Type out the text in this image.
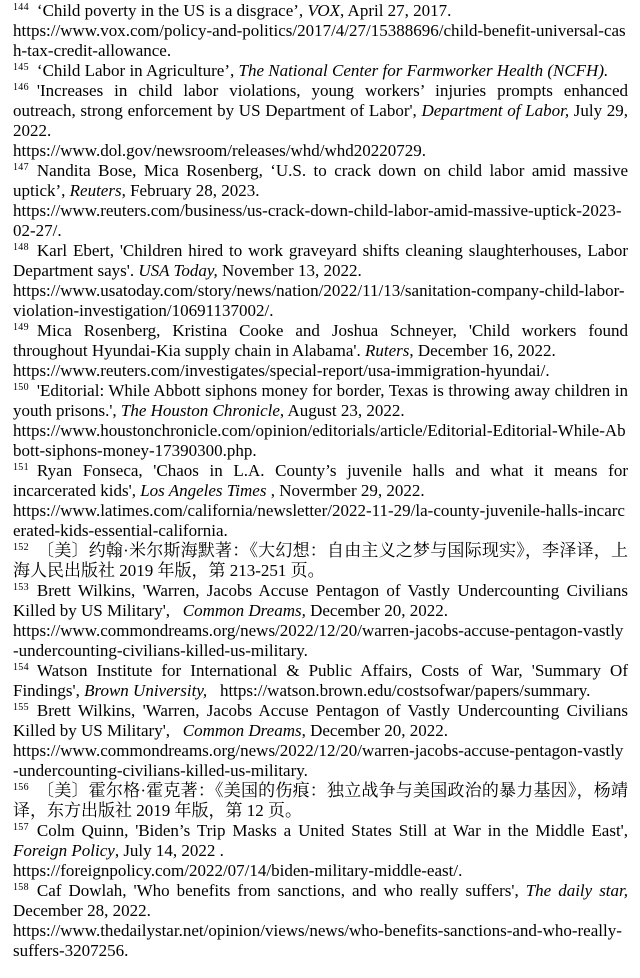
$^{144}$ ‘Child poverty in the US is a disgrace’, VOX, April 27, 2017.
https://www.vox.com/policy-and-politics/2017/4/27/15388696/child-benefit-universal-cash-tax-credit-allowance.
$^{145}$ ‘Child Labor in Agriculture’, The National Center for Farmworker Health (NCFH).
$^{146}$ 'Increases in child labor violations, young workers’ injuries prompts enhanced outreach, strong enforcement by US Department of Labor', Department of Labor, July 29, 2022.
https://www.dol.gov/newsroom/releases/whd/whd20220729.
$^{147}$ Nandita Bose, Mica Rosenberg, ‘U.S. to crack down on child labor amid massive uptick’, Reuters, February 28, 2023.
https://www.reuters.com/business/us-crack-down-child-labor-amid-massive-uptick-2023-02-27/.
$^{148}$ Karl Ebert, 'Children hired to work graveyard shifts cleaning slaughterhouses, Labor Department says'. USA Today, November 13, 2022.
https://www.usatoday.com/story/news/nation/2022/11/13/sanitation-company-child-labor-violation-investigation/10691137002/.
$^{149}$ Mica Rosenberg, Kristina Cooke and Joshua Schneyer, 'Child workers found throughout Hyundai-Kia supply chain in Alabama'. Ruters, December 16, 2022.
https://www.reuters.com/investigates/special-report/usa-immigration-hyundai/.
$^{150}$ 'Editorial: While Abbott siphons money for border, Texas is throwing away children in youth prisons.', The Houston Chronicle, August 23, 2022.
https://www.houstonchronicle.com/opinion/editorials/article/Editorial-Editorial-While-Abbott-siphons-money-17390300.php.
$^{151}$ Ryan Fonseca, 'Chaos in L.A. County’s juvenile halls and what it means for incarcerated kids', Los Angeles Times , Novermber 29, 2022.
https://www.latimes.com/california/newsletter/2022-11-29/la-county-juvenile-halls-incarcerated-kids-essential-california.
$^{152}$ 〔美〕约翰·米尔斯海默著：《大幻想：自由主义之梦与国际现实》，李泽译，上海人民出版社 2019 年版，第 213-251 页。
$^{153}$ Brett Wilkins, 'Warren, Jacobs Accuse Pentagon of Vastly Undercounting Civilians Killed by US Military',   Common Dreams, December 20, 2022.
https://www.commondreams.org/news/2022/12/20/warren-jacobs-accuse-pentagon-vastly-undercounting-civilians-killed-us-military.
$^{154}$ Watson Institute for International & Public Affairs, Costs of War, 'Summary Of Findings', Brown University, https://watson.brown.edu/costsofwar/papers/summary.
$^{155}$ Brett Wilkins, 'Warren, Jacobs Accuse Pentagon of Vastly Undercounting Civilians Killed by US Military',   Common Dreams, December 20, 2022.
https://www.commondreams.org/news/2022/12/20/warren-jacobs-accuse-pentagon-vastly-undercounting-civilians-killed-us-military.
$^{156}$ 〔美〕霍尔格·霍克著：《美国的伤痕：独立战争与美国政治的暴力基因》，杨靖译，东方出版社 2019 年版，第 12 页。
$^{157}$ Colm Quinn, 'Biden’s Trip Masks a United States Still at War in the Middle East', Foreign Policy, July 14, 2022 .
https://foreignpolicy.com/2022/07/14/biden-military-middle-east/.
$^{158}$ Caf Dowlah, 'Who benefits from sanctions, and who really suffers', The daily star, December 28, 2022.
https://www.thedailystar.net/opinion/views/news/who-benefits-sanctions-and-who-really-suffers-3207256.
